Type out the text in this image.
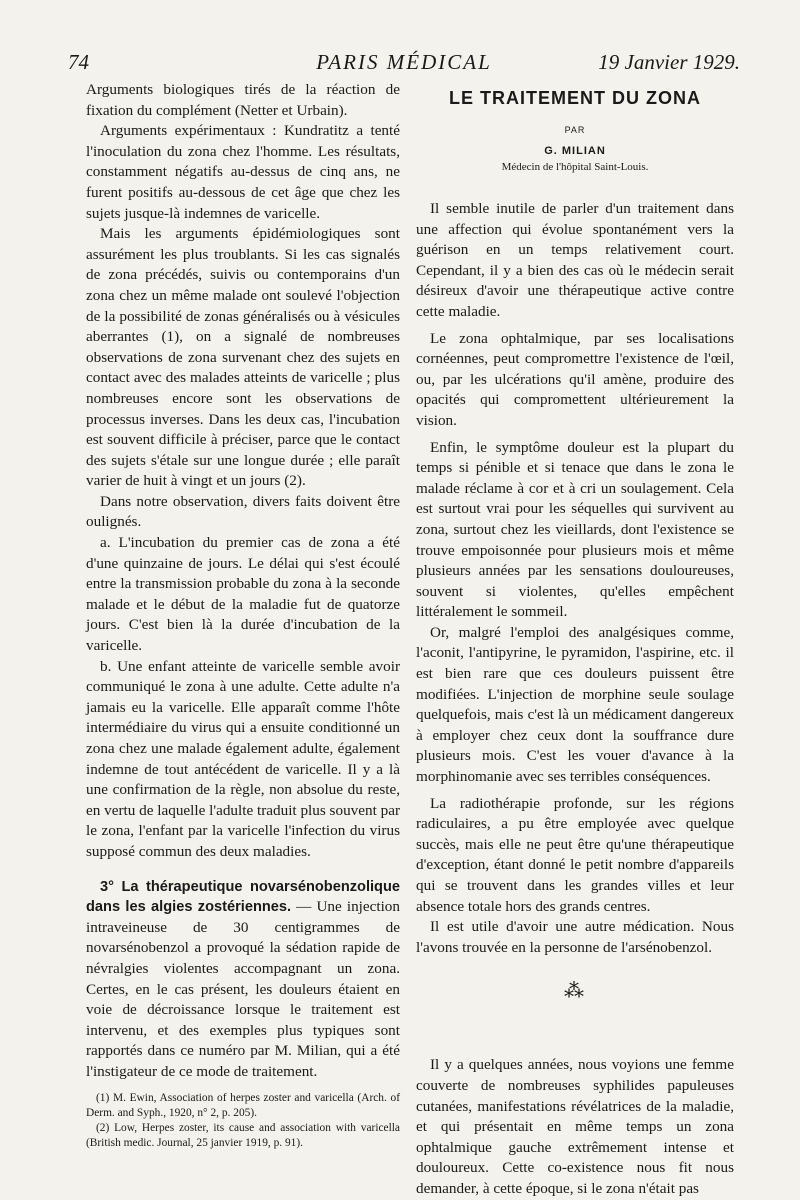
74	PARIS MÉDICAL	19 Janvier 1929.

Arguments biologiques tirés de la réaction de fixation du complément (Netter et Urbain).

Arguments expérimentaux : Kundratitz a tenté l'inoculation du zona chez l'homme. Les résultats, constamment négatifs au-dessus de cinq ans, ne furent positifs au-dessous de cet âge que chez les sujets jusque-là indemnes de varicelle.

Mais les arguments épidémiologiques sont assurément les plus troublants. Si les cas signalés de zona précédés, suivis ou contemporains d'un zona chez un même malade ont soulevé l'objection de la possibilité de zonas généralisés ou à vésicules aberrantes (1), on a signalé de nombreuses observations de zona survenant chez des sujets en contact avec des malades atteints de varicelle ; plus nombreuses encore sont les observations de processus inverses. Dans les deux cas, l'incubation est souvent difficile à préciser, parce que le contact des sujets s'étale sur une longue durée ; elle paraît varier de huit à vingt et un jours (2).

Dans notre observation, divers faits doivent être oulignés.

a. L'incubation du premier cas de zona a été d'une quinzaine de jours. Le délai qui s'est écoulé entre la transmission probable du zona à la seconde malade et le début de la maladie fut de quatorze jours. C'est bien là la durée d'incubation de la varicelle.

b. Une enfant atteinte de varicelle semble avoir communiqué le zona à une adulte. Cette adulte n'a jamais eu la varicelle. Elle apparaît comme l'hôte intermédiaire du virus qui a ensuite conditionné un zona chez une malade également adulte, également indemne de tout antécédent de varicelle. Il y a là une confirmation de la règle, non absolue du reste, en vertu de laquelle l'adulte traduit plus souvent par le zona, l'enfant par la varicelle l'infection du virus supposé commun des deux maladies.

3° La thérapeutique novarsénobenzolique dans les algies zostériennes. — Une injection intraveineuse de 30 centigrammes de novarsénobenzol a provoqué la sédation rapide de névralgies violentes accompagnant un zona. Certes, en le cas présent, les douleurs étaient en voie de décroissance lorsque le traitement est intervenu, et des exemples plus typiques sont rapportés dans ce numéro par M. Milian, qui a été l'instigateur de ce mode de traitement.

(1) M. Ewin, Association of herpes zoster and varicella (Arch. of Derm. and Syph., 1920, n° 2, p. 205).

(2) Low, Herpes zoster, its cause and association with varicella (British medic. Journal, 25 janvier 1919, p. 91).

LE TRAITEMENT DU ZONA
PAR
G. MILIAN
Médecin de l'hôpital Saint-Louis.

Il semble inutile de parler d'un traitement dans une affection qui évolue spontanément vers la guérison en un temps relativement court. Cependant, il y a bien des cas où le médecin serait désireux d'avoir une thérapeutique active contre cette maladie.

Le zona ophtalmique, par ses localisations cornéennes, peut compromettre l'existence de l'œil, ou, par les ulcérations qu'il amène, produire des opacités qui compromettent ultérieurement la vision.

Enfin, le symptôme douleur est la plupart du temps si pénible et si tenace que dans le zona le malade réclame à cor et à cri un soulagement. Cela est surtout vrai pour les séquelles qui survivent au zona, surtout chez les vieillards, dont l'existence se trouve empoisonnée pour plusieurs mois et même plusieurs années par les sensations douloureuses, souvent si violentes, qu'elles empêchent littéralement le sommeil.

Or, malgré l'emploi des analgésiques comme, l'aconit, l'antipyrine, le pyramidon, l'aspirine, etc. il est bien rare que ces douleurs puissent être modifiées. L'injection de morphine seule soulage quelquefois, mais c'est là un médicament dangereux à employer chez ceux dont la souffrance dure plusieurs mois. C'est les vouer d'avance à la morphinomanie avec ses terribles conséquences.

La radiothérapie profonde, sur les régions radiculaires, a pu être employée avec quelque succès, mais elle ne peut être qu'une thérapeutique d'exception, étant donné le petit nombre d'appareils qui se trouvent dans les grandes villes et leur absence totale hors des grands centres.

Il est utile d'avoir une autre médication. Nous l'avons trouvée en la personne de l'arsénobenzol.

⁂

Il y a quelques années, nous voyions une femme couverte de nombreuses syphilides papuleuses cutanées, manifestations révélatrices de la maladie, et qui présentait en même temps un zona ophtalmique gauche extrêmement intense et douloureux. Cette co-existence nous fit nous demander, à cette époque, si le zona n'était pas
